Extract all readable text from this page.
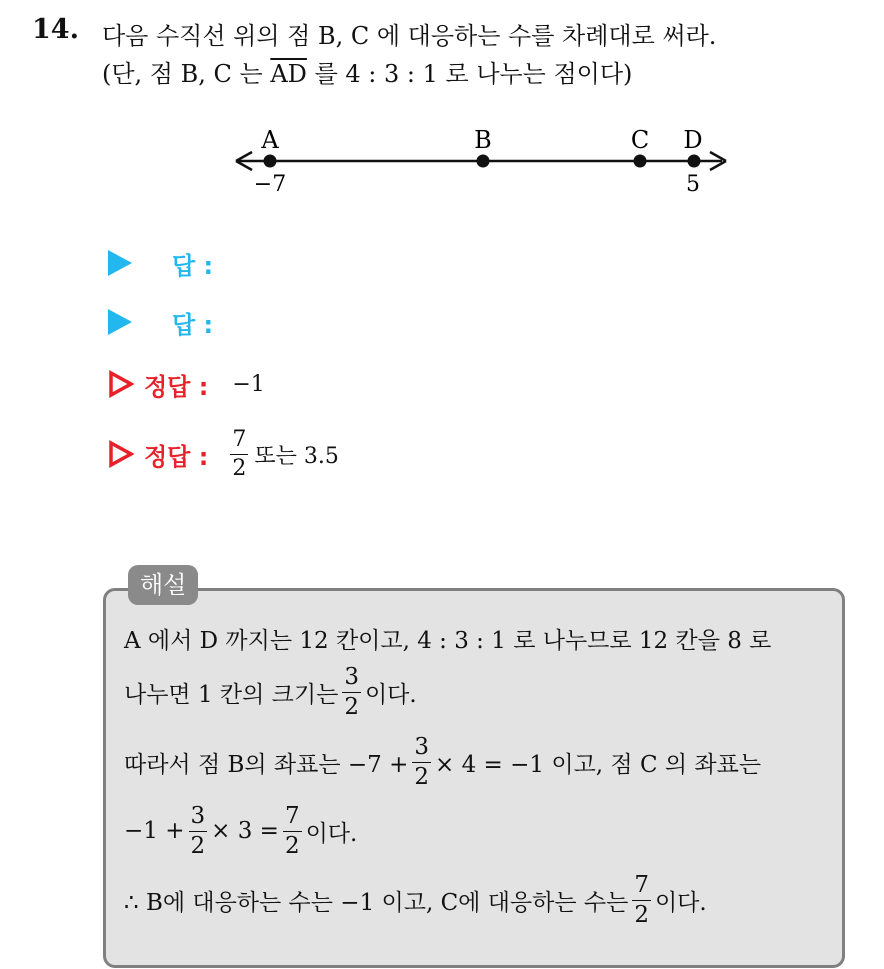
14. 다음 수직선 위의 점 B, C 에 대응하는 수를 차례대로 써라.
(단, 점 B, C 는 $\overline{AD}$ 를 4 : 3 : 1 로 나누는 점이다)
A	B	C D
−7	5
답 :
답 :
정답 : −1
정답 : $\frac{7}{2}$ 또는 3.5
해설
A 에서 D 까지는 12 칸이고, 4 : 3 : 1 로 나누므로 12 칸을 8 로
나누면 1 칸의 크기는 $\frac{3}{2}$ 이다.
따라서 점 B의 좌표는 $-7 + \frac{3}{2} \times 4 = -1$ 이고, 점 C 의 좌표는
$-1 + \frac{3}{2} \times 3 = \frac{7}{2}$ 이다.
∴ B에 대응하는 수는 −1 이고, C에 대응하는 수는 $\frac{7}{2}$ 이다.
